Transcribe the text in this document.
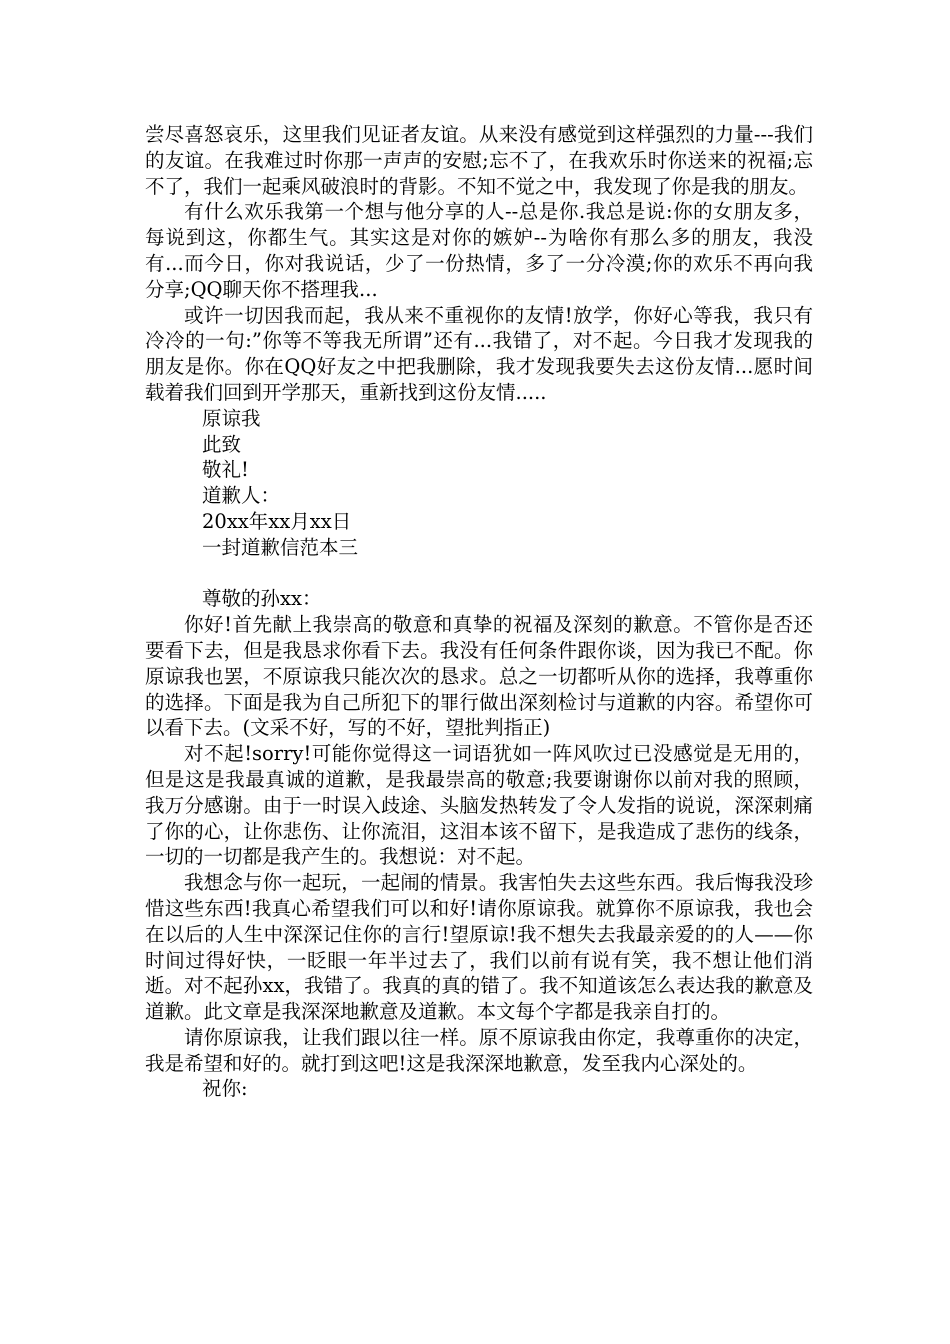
尝尽喜怒哀乐，这里我们见证者友谊。从来没有感觉到这样强烈的力量---我们的友谊。在我难过时你那一声声的安慰;忘不了，在我欢乐时你送来的祝福;忘不了，我们一起乘风破浪时的背影。不知不觉之中，我发现了你是我的朋友。

有什么欢乐我第一个想与他分享的人--总是你.我总是说:你的女朋友多，每说到这，你都生气。其实这是对你的嫉妒--为啥你有那么多的朋友，我没有...而今日，你对我说话，少了一份热情，多了一分冷漠;你的欢乐不再向我分享;QQ聊天你不搭理我...

或许一切因我而起，我从来不重视你的友情!放学，你好心等我，我只有冷冷的一句:”你等不等我无所谓”还有...我错了，对不起。今日我才发现我的朋友是你。你在QQ好友之中把我删除，我才发现我要失去这份友情...愿时间载着我们回到开学那天，重新找到这份友情.....

原谅我

此致

敬礼!

道歉人：

20xx年xx月xx日

一封道歉信范本三

尊敬的孙xx：

你好!首先献上我崇高的敬意和真挚的祝福及深刻的歉意。不管你是否还要看下去，但是我恳求你看下去。我没有任何条件跟你谈，因为我已不配。你原谅我也罢，不原谅我只能次次的恳求。总之一切都听从你的选择，我尊重你的选择。下面是我为自己所犯下的罪行做出深刻检讨与道歉的内容。希望你可以看下去。(文采不好，写的不好，望批判指正)

对不起!sorry!可能你觉得这一词语犹如一阵风吹过已没感觉是无用的，但是这是我最真诚的道歉，是我最崇高的敬意;我要谢谢你以前对我的照顾，我万分感谢。由于一时误入歧途、头脑发热转发了令人发指的说说，深深刺痛了你的心，让你悲伤、让你流泪，这泪本该不留下，是我造成了悲伤的线条，一切的一切都是我产生的。我想说：对不起。

我想念与你一起玩，一起闹的情景。我害怕失去这些东西。我后悔我没珍惜这些东西!我真心希望我们可以和好!请你原谅我。就算你不原谅我，我也会在以后的人生中深深记住你的言行!望原谅!我不想失去我最亲爱的的人——你时间过得好快，一眨眼一年半过去了，我们以前有说有笑，我不想让他们消逝。对不起孙xx，我错了。我真的真的错了。我不知道该怎么表达我的歉意及道歉。此文章是我深深地歉意及道歉。本文每个字都是我亲自打的。

请你原谅我，让我们跟以往一样。原不原谅我由你定，我尊重你的决定，我是希望和好的。就打到这吧!这是我深深地歉意，发至我内心深处的。

祝你:
